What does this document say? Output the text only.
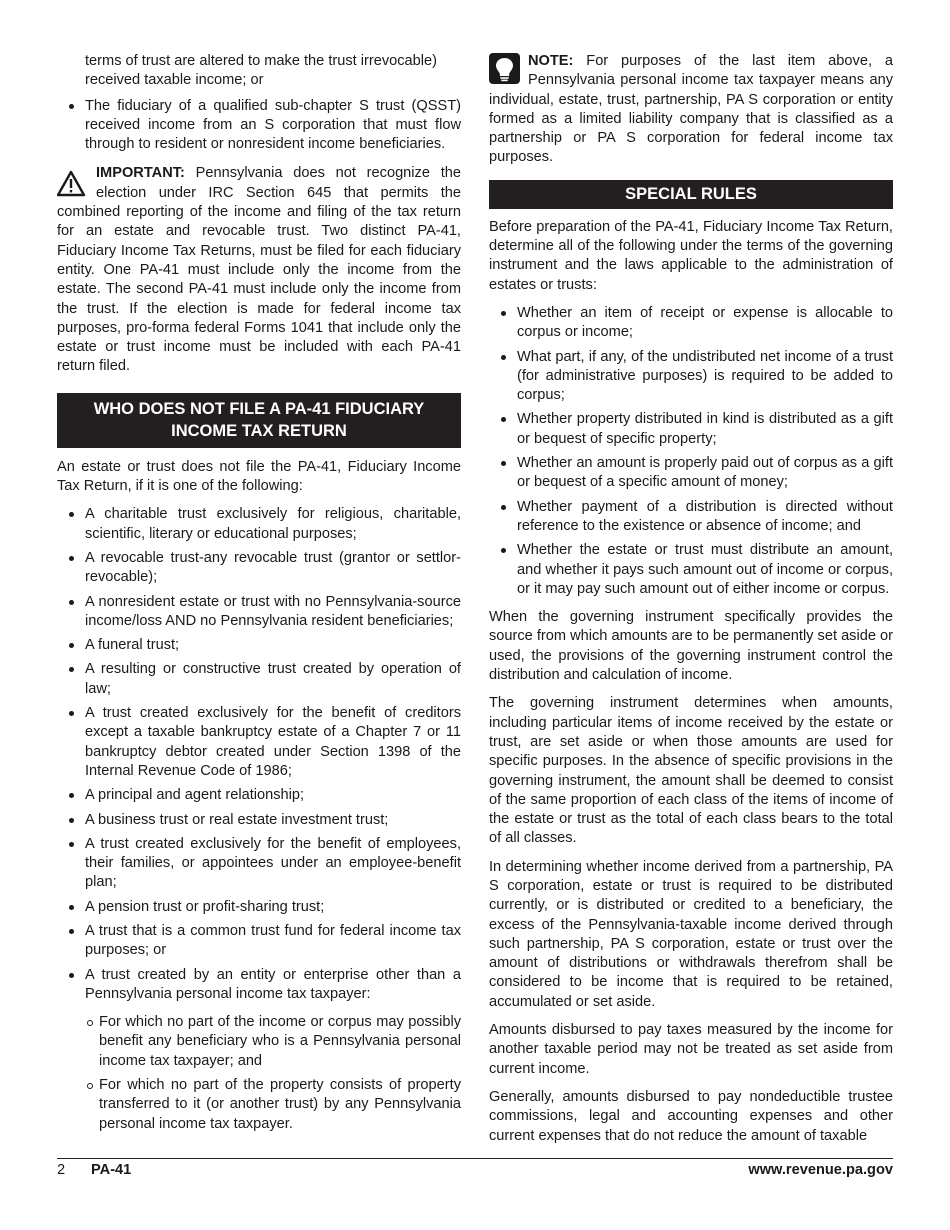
terms of trust are altered to make the trust irrevocable) received taxable income; or

The fiduciary of a qualified sub-chapter S trust (QSST) received income from an S corporation that must flow through to resident or nonresident income beneficiaries.
IMPORTANT: Pennsylvania does not recognize the election under IRC Section 645 that permits the combined reporting of the income and filing of the tax return for an estate and revocable trust. Two distinct PA-41, Fiduciary Income Tax Returns, must be filed for each fiduciary entity. One PA-41 must include only the income from the estate. The second PA-41 must include only the income from the trust. If the election is made for federal income tax purposes, pro-forma federal Forms 1041 that include only the estate or trust income must be included with each PA-41 return filed.
WHO DOES NOT FILE A PA-41 FIDUCIARY INCOME TAX RETURN

An estate or trust does not file the PA-41, Fiduciary Income Tax Return, if it is one of the following:

A charitable trust exclusively for religious, charitable, scientific, literary or educational purposes;
A revocable trust-any revocable trust (grantor or settlor-revocable);
A nonresident estate or trust with no Pennsylvania-source income/loss AND no Pennsylvania resident beneficiaries;
A funeral trust;
A resulting or constructive trust created by operation of law;
A trust created exclusively for the benefit of creditors except a taxable bankruptcy estate of a Chapter 7 or 11 bankruptcy debtor created under Section 1398 of the Internal Revenue Code of 1986;
A principal and agent relationship;
A business trust or real estate investment trust;
A trust created exclusively for the benefit of employees, their families, or appointees under an employee-benefit plan;
A pension trust or profit-sharing trust;
A trust that is a common trust fund for federal income tax purposes; or
A trust created by an entity or enterprise other than a Pennsylvania personal income tax taxpayer:
For which no part of the income or corpus may possibly benefit any beneficiary who is a Pennsylvania personal income tax taxpayer; and
For which no part of the property consists of property transferred to it (or another trust) by any Pennsylvania personal income tax taxpayer.
NOTE: For purposes of the last item above, a Pennsylvania personal income tax taxpayer means any individual, estate, trust, partnership, PA S corporation or entity formed as a limited liability company that is classified as a partnership or PA S corporation for federal income tax purposes.
SPECIAL RULES

Before preparation of the PA-41, Fiduciary Income Tax Return, determine all of the following under the terms of the governing instrument and the laws applicable to the administration of estates or trusts:

Whether an item of receipt or expense is allocable to corpus or income;
What part, if any, of the undistributed net income of a trust (for administrative purposes) is required to be added to corpus;
Whether property distributed in kind is distributed as a gift or bequest of specific property;
Whether an amount is properly paid out of corpus as a gift or bequest of a specific amount of money;
Whether payment of a distribution is directed without reference to the existence or absence of income; and
Whether the estate or trust must distribute an amount, and whether it pays such amount out of income or corpus, or it may pay such amount out of either income or corpus.

When the governing instrument specifically provides the source from which amounts are to be permanently set aside or used, the provisions of the governing instrument control the distribution and calculation of income.

The governing instrument determines when amounts, including particular items of income received by the estate or trust, are set aside or when those amounts are used for specific purposes. In the absence of specific provisions in the governing instrument, the amount shall be deemed to consist of the same proportion of each class of the items of income of the estate or trust as the total of each class bears to the total of all classes.

In determining whether income derived from a partnership, PA S corporation, estate or trust is required to be distributed currently, or is distributed or credited to a beneficiary, the excess of the Pennsylvania-taxable income derived through such partnership, PA S corporation, estate or trust over the amount of distributions or withdrawals therefrom shall be considered to be income that is required to be retained, accumulated or set aside.

Amounts disbursed to pay taxes measured by the income for another taxable period may not be treated as set aside from current income.

Generally, amounts disbursed to pay nondeductible trustee commissions, legal and accounting expenses and other current expenses that do not reduce the amount of taxable

2 PA-41	www.revenue.pa.gov
